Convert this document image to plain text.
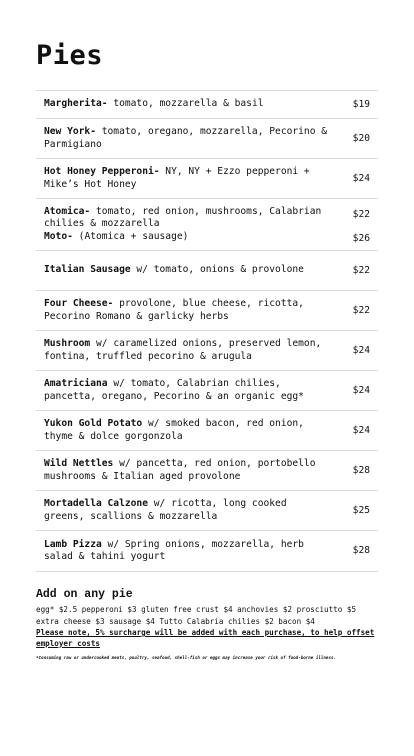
Pies
Margherita- tomato, mozzarella & basil	$19
New York- tomato, oregano, mozzarella, Pecorino & Parmigiano
$20
Hot Honey Pepperoni- NY, NY + Ezzo pepperoni + Mike’s Hot Honey
$24
Atomica- tomato, red onion, mushrooms, Calabrian chilies & mozzarella
Moto- (Atomica + sausage)
$22
$26
Italian Sausage w/ tomato, onions & provolone	$22
Four Cheese- provolone, blue cheese, ricotta, Pecorino Romano & garlicky herbs
$22
Mushroom w/ caramelized onions, preserved lemon, fontina, truffled pecorino & arugula
$24
Amatriciana w/ tomato, Calabrian chilies, pancetta, oregano, Pecorino & an organic egg*
$24
Yukon Gold Potato w/ smoked bacon, red onion, thyme & dolce gorgonzola
$24
Wild Nettles w/ pancetta, red onion, portobello mushrooms & Italian aged provolone
$28
Mortadella Calzone w/ ricotta, long cooked greens, scallions & mozzarella
$25
Lamb Pizza w/ Spring onions, mozzarella, herb salad & tahini yogurt
$28
Add on any pie

egg* $2.5 pepperoni $3 gluten free crust $4 anchovies $2 prosciutto $5

extra cheese $3 sausage $4 Tutto Calabria chilies $2 bacon $4

Please note, 5% surcharge will be added with each purchase, to help offset employer costs

*Consuming raw or undercooked meats, poultry, seafood, shell-fish or eggs may increase your risk of food-borne illness.
